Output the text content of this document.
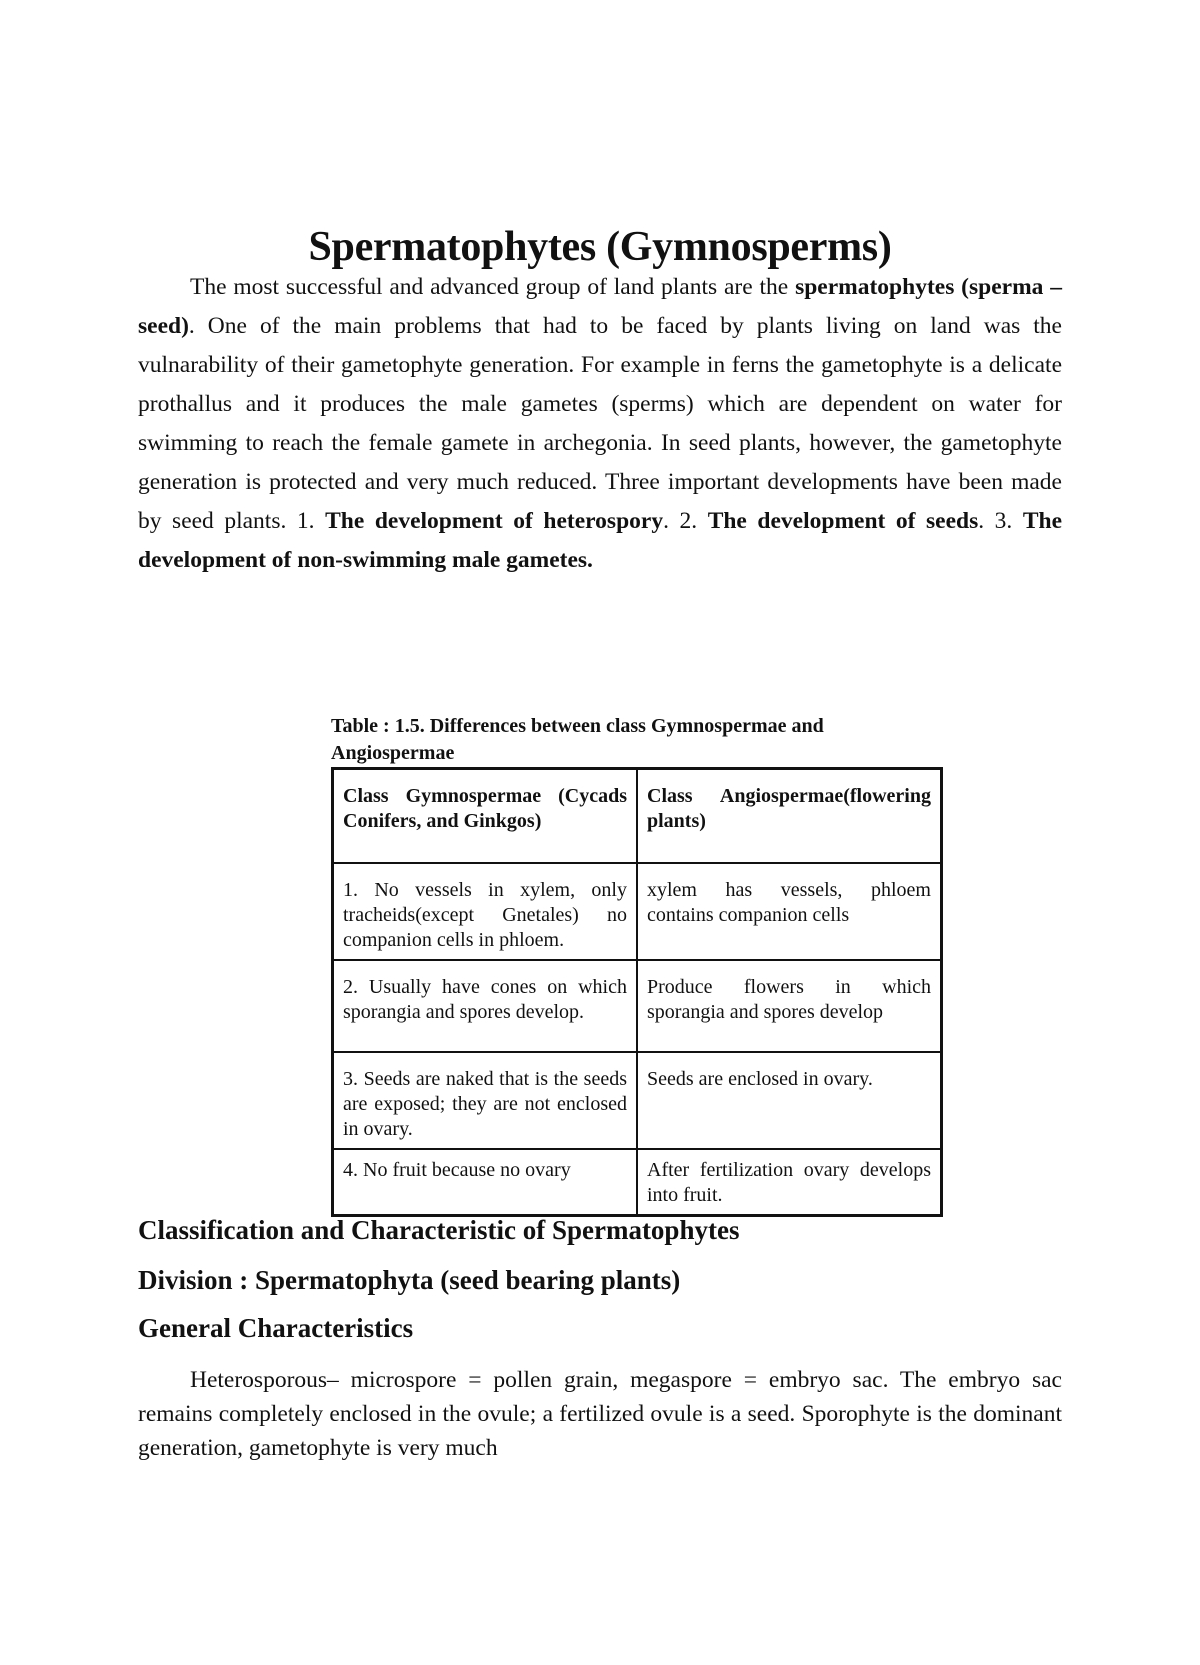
Spermatophytes (Gymnosperms)

The most successful and advanced group of land plants are the spermatophytes (sperma – seed). One of the main problems that had to be faced by plants living on land was the vulnarability of their gametophyte generation. For example in ferns the gametophyte is a delicate prothallus and it produces the male gametes (sperms) which are dependent on water for swimming to reach the female gamete in archegonia. In seed plants, however, the gametophyte generation is protected and very much reduced. Three important developments have been made by seed plants. 1. The development of heterospory. 2. The development of seeds. 3. The development of non-swimming male gametes.

Table : 1.5. Differences between class Gymnospermae and Angiospermae
Class Gymnospermae (Cycads Conifers, and Ginkgos)	Class Angiospermae(flowering plants)
1. No vessels in xylem, only tracheids(except Gnetales) no companion cells in phloem.	xylem has vessels, phloem contains companion cells
2. Usually have cones on which sporangia and spores develop.	Produce flowers in which sporangia and spores develop
3. Seeds are naked that is the seeds are exposed; they are not enclosed in ovary.	Seeds are enclosed in ovary.
4. No fruit because no ovary	After fertilization ovary develops into fruit.
Classification and Characteristic of Spermatophytes
Division : Spermatophyta (seed bearing plants)
General Characteristics

Heterosporous– microspore = pollen grain, megaspore = embryo sac. The embryo sac remains completely enclosed in the ovule; a fertilized ovule is a seed. Sporophyte is the dominant generation, gametophyte is very much
